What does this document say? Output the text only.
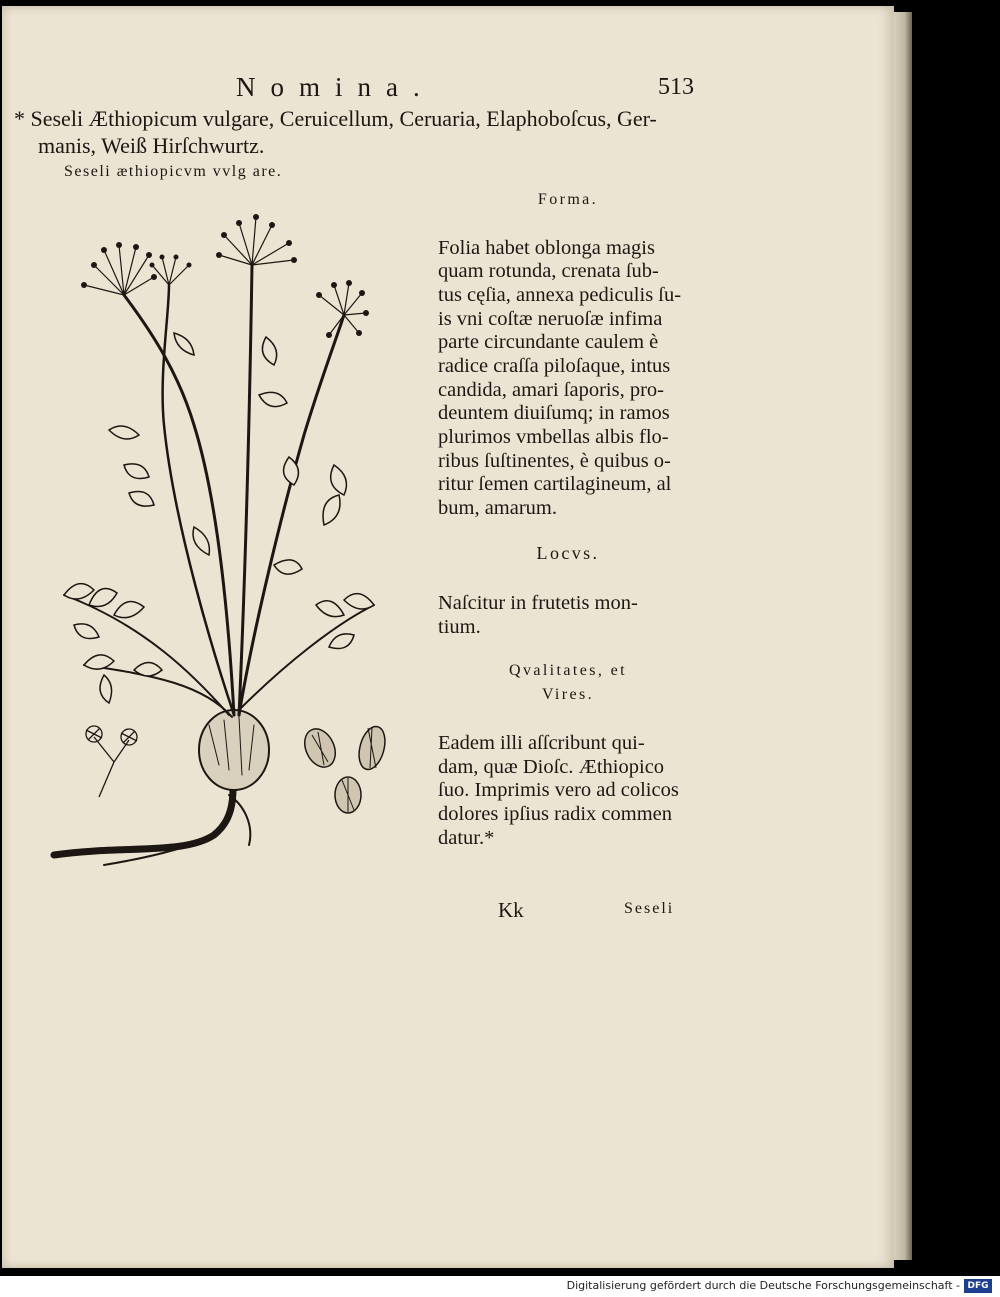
Nomina.	513
* Seseli Æthiopicum vulgare, Ceruicellum, Ceruaria, Elaphoboſcus, Ger-
manis, Weiß Hirſchwurtz.
Seseli æthiopicvm vvlg are.
Forma.
Folia habet oblonga magis
quam rotunda, crenata ſub-
tus cęſia, annexa pediculis ſu-
is vni coſtæ neruoſæ infima
parte circundante caulem è
radice craſſa piloſaque, intus
candida, amari ſaporis, pro-
deuntem diuiſumq; in ramos
plurimos vmbellas albis flo-
ribus ſuſtinentes, è quibus o-
ritur ſemen cartilagineum, al
bum, amarum.
Locvs.
Naſcitur in frutetis mon-
tium.
Qvalitates, et
Vires.
Eadem illi aſſcribunt qui-
dam, quæ Dioſc. Æthiopico
ſuo. Imprimis vero ad colicos
dolores ipſius radix commen
datur.*
Kk	Seseli
Digitalisierung gefördert durch die Deutsche Forschungsgemeinschaft - DFG
